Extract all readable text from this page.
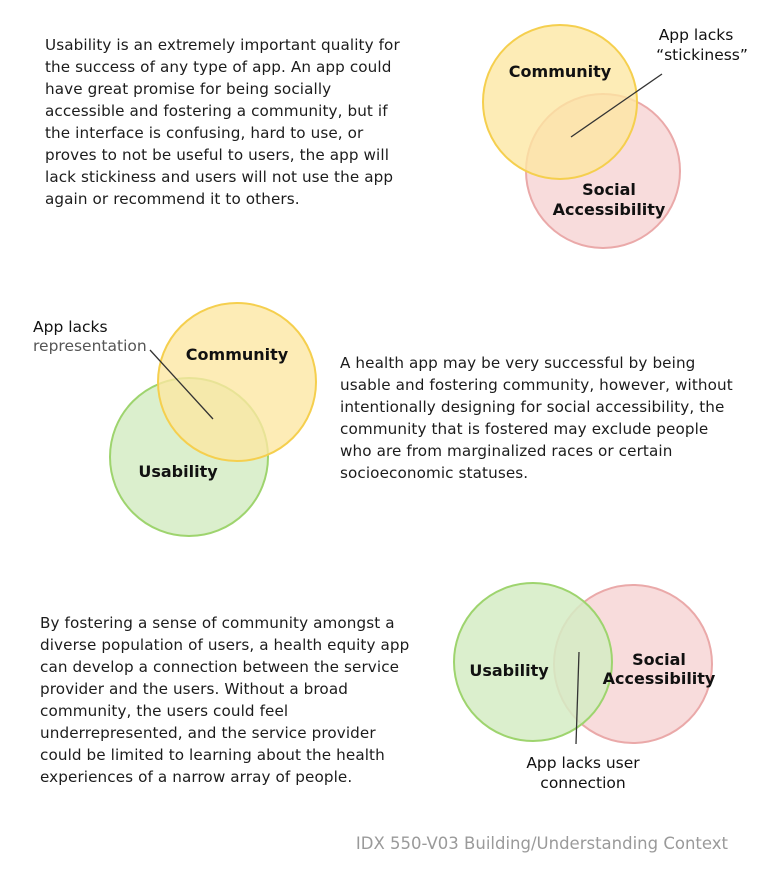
Usability is an extremely important quality for the success of any type of app. An app could have great promise for being socially accessible and fostering a community, but if the interface is confusing, hard to use, or proves to not be useful to users, the app will lack stickiness and users will not use the app again or recommend it to others.

Community
Social
Accessibility
App lacks
“stickiness”
Community
Usability
App lacks
representation
Usability
Social
Accessibility
App lacks user
connection

A health app may be very successful by being usable and fostering community, however, without intentionally designing for social accessibility, the community that is fostered may exclude people who are from marginalized races or certain socioeconomic statuses.

By fostering a sense of community amongst a diverse population of users, a health equity app can develop a connection between the service provider and the users. Without a broad community, the users could feel underrepresented, and the service provider could be limited to learning about the health experiences of a narrow array of people.

IDX 550-V03 Building/Understanding Context
